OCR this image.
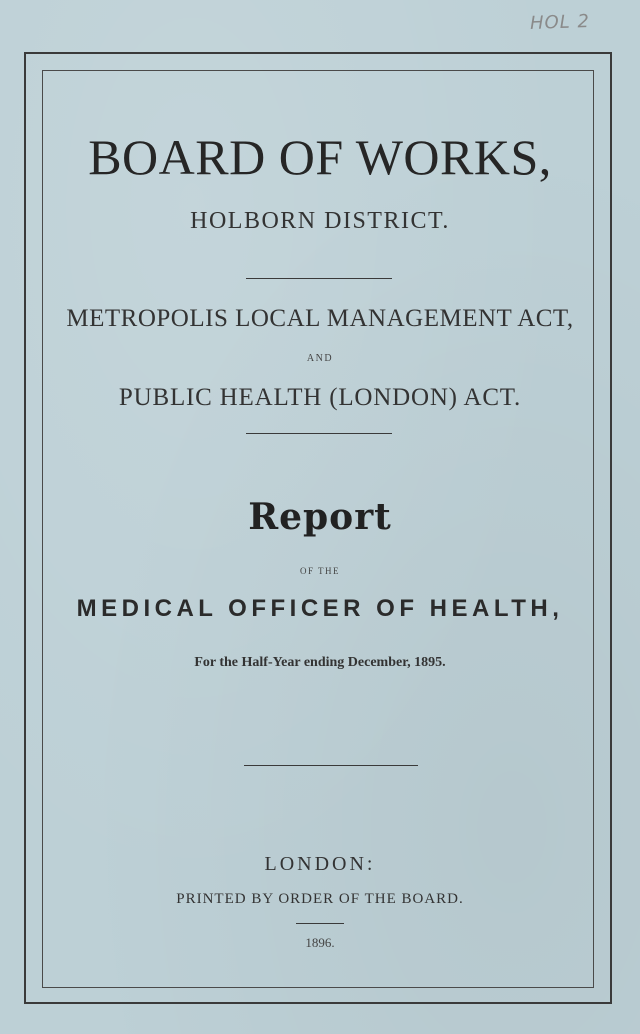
HOL 2
BOARD OF WORKS,
HOLBORN DISTRICT.
METROPOLIS LOCAL MANAGEMENT ACT,
AND
PUBLIC HEALTH (LONDON) ACT.
Report
OF THE
MEDICAL OFFICER OF HEALTH,
For the Half-Year ending December, 1895.
LONDON:
PRINTED BY ORDER OF THE BOARD.
1896.
